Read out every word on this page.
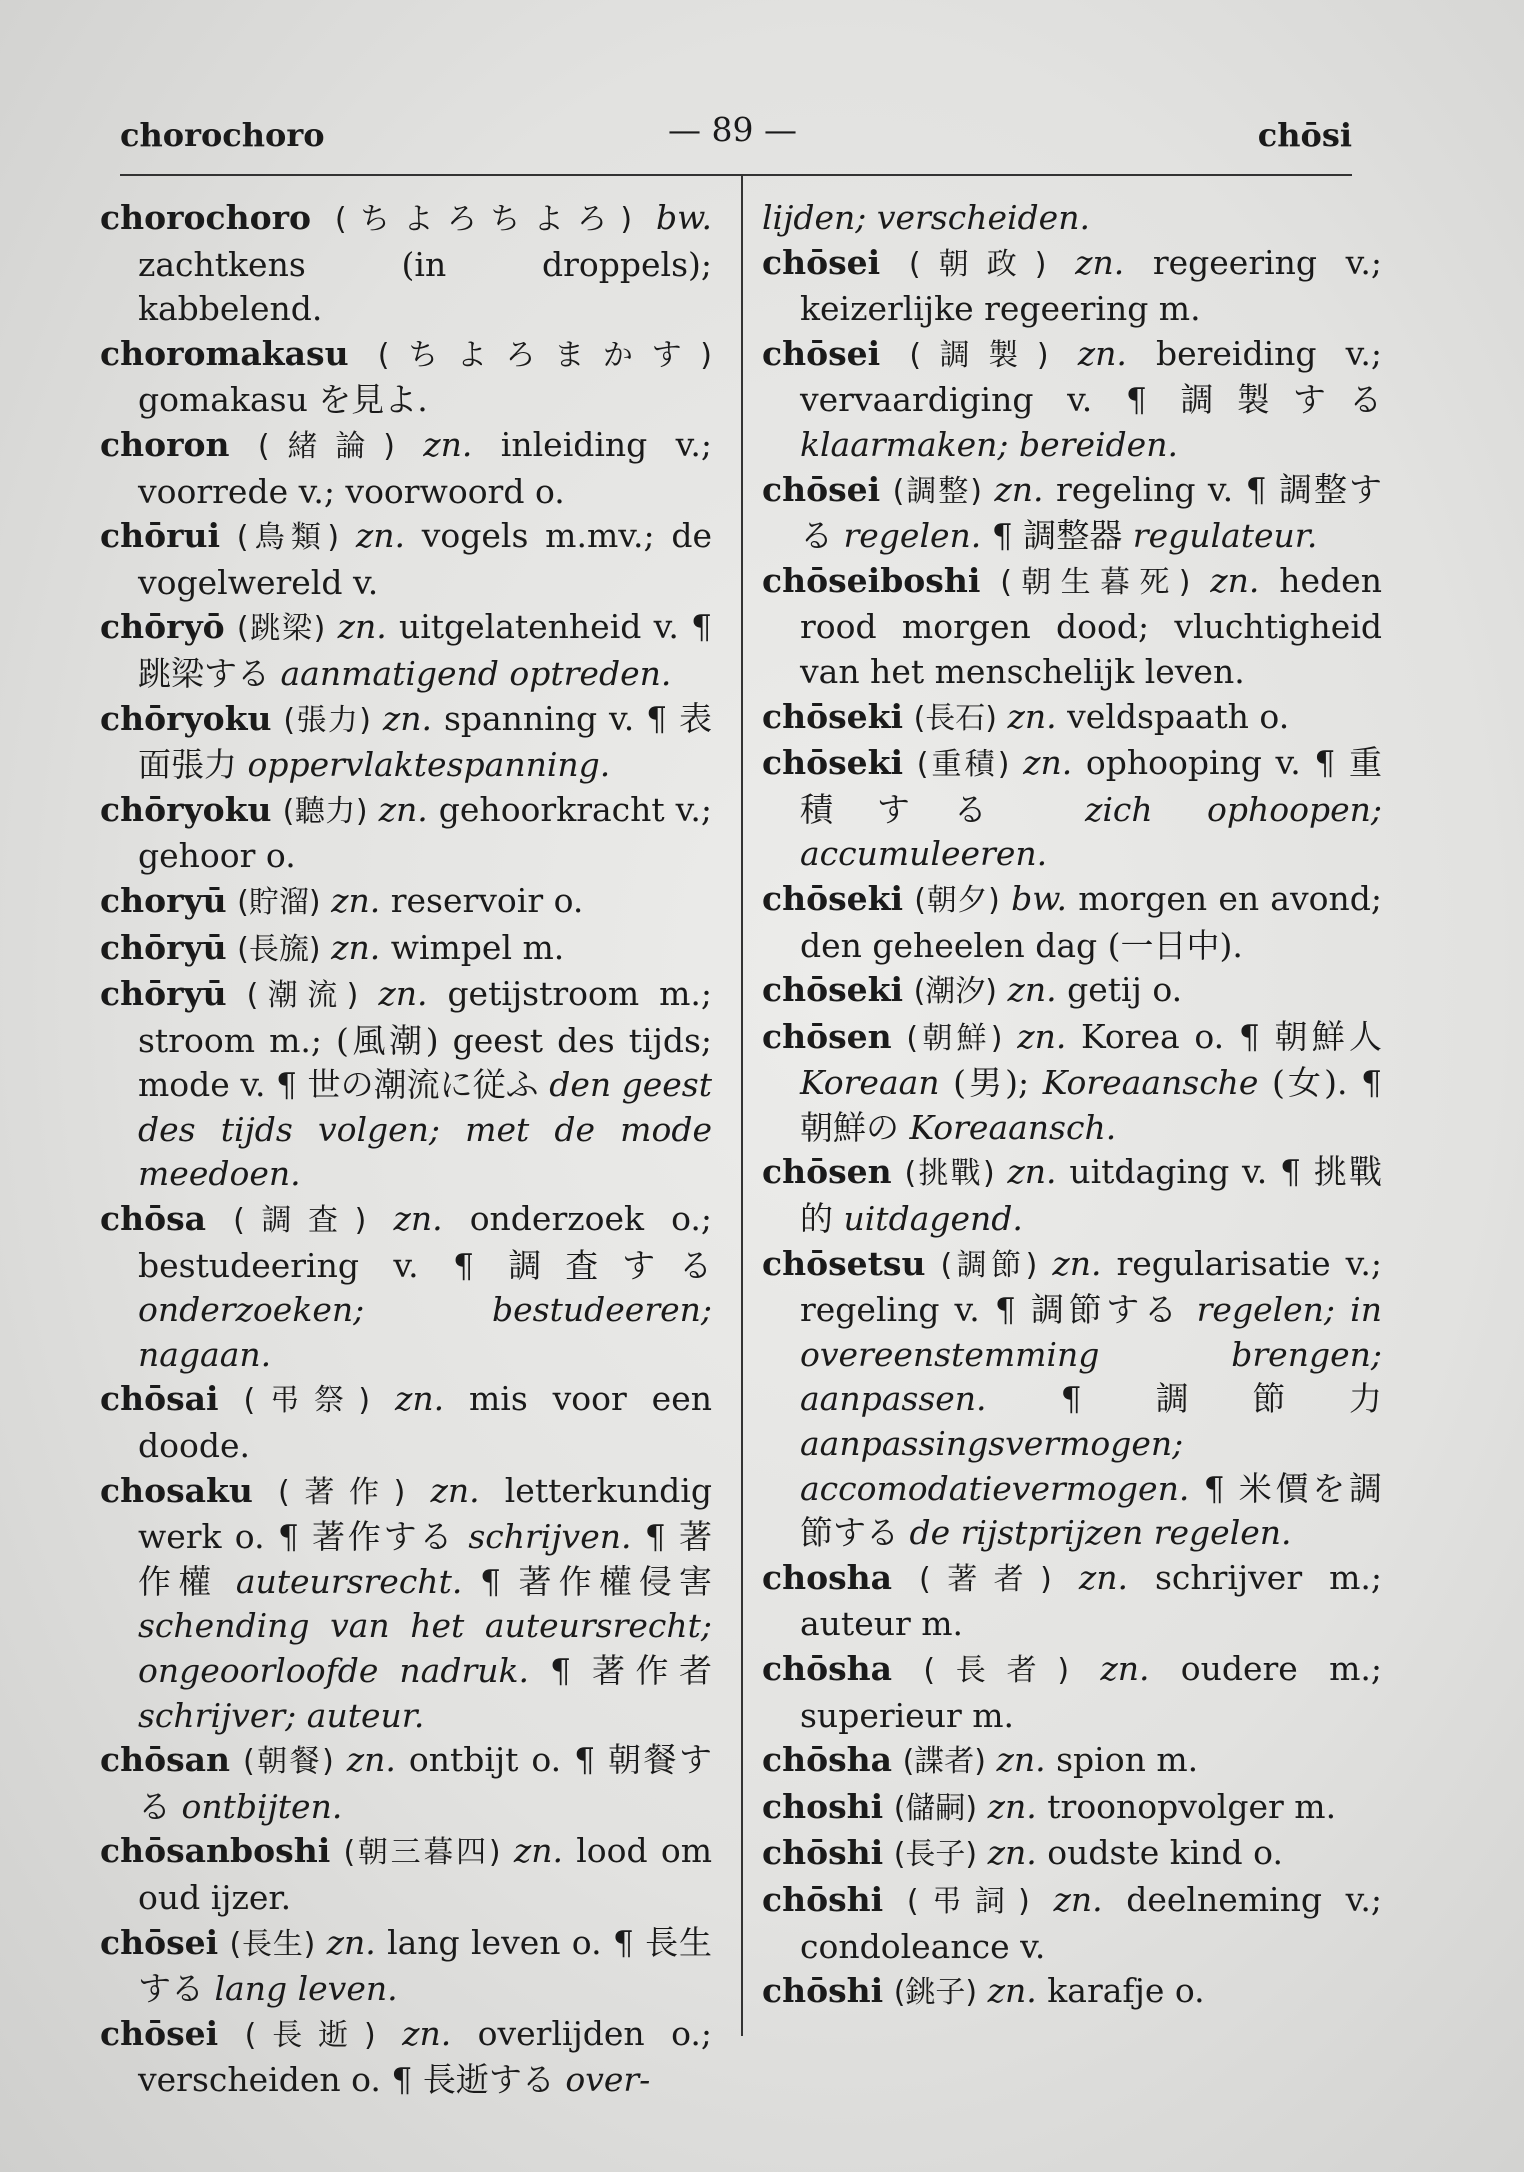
chorochoro	— 89 —	chōsi

chorochoro (ちよろちよろ) bw. zachtkens (in droppels); kabbelend.

choromakasu (ちよろまかす) gomakasu を見よ.

choron (緒論) zn. inleiding v.; voorrede v.; voorwoord o.

chōrui (鳥類) zn. vogels m.mv.; de vogelwereld v.

chōryō (跳梁) zn. uitgelatenheid v. ¶ 跳梁する aanmatigend optreden.

chōryoku (張力) zn. spanning v. ¶ 表面張力 oppervlaktespanning.

chōryoku (聽力) zn. gehoorkracht v.; gehoor o.

choryū (貯溜) zn. reservoir o.

chōryū (長旒) zn. wimpel m.

chōryū (潮流) zn. getijstroom m.; stroom m.; (風潮) geest des tijds; mode v. ¶ 世の潮流に従ふ den geest des tijds volgen; met de mode meedoen.

chōsa (調査) zn. onderzoek o.; bestudeering v. ¶ 調査する onderzoeken; bestudeeren; nagaan.

chōsai (弔祭) zn. mis voor een doode.

chosaku (著作) zn. letterkundig werk o. ¶ 著作する schrijven. ¶ 著作權 auteursrecht. ¶ 著作權侵害 schending van het auteursrecht; ongeoorloofde nadruk. ¶ 著作者 schrijver; auteur.

chōsan (朝餐) zn. ontbijt o. ¶ 朝餐する ontbijten.

chōsanboshi (朝三暮四) zn. lood om oud ijzer.

chōsei (長生) zn. lang leven o. ¶ 長生する lang leven.

chōsei (長逝) zn. overlijden o.; verscheiden o. ¶ 長逝する over-

lijden; verscheiden.

chōsei (朝政) zn. regeering v.; keizerlijke regeering m.

chōsei (調製) zn. bereiding v.; vervaardiging v. ¶ 調製する klaarmaken; bereiden.

chōsei (調整) zn. regeling v. ¶ 調整する regelen. ¶ 調整器 regulateur.

chōseiboshi (朝生暮死) zn. heden rood morgen dood; vluchtigheid van het menschelijk leven.

chōseki (長石) zn. veldspaath o.

chōseki (重積) zn. ophooping v. ¶ 重積する zich ophoopen; accumuleeren.

chōseki (朝夕) bw. morgen en avond; den geheelen dag (一日中).

chōseki (潮汐) zn. getij o.

chōsen (朝鮮) zn. Korea o. ¶ 朝鮮人 Koreaan (男); Koreaansche (女). ¶ 朝鮮の Koreaansch.

chōsen (挑戰) zn. uitdaging v. ¶ 挑戰的 uitdagend.

chōsetsu (調節) zn. regularisatie v.; regeling v. ¶ 調節する regelen; in overeenstemming brengen; aanpassen. ¶ 調節力 aanpassingsvermogen; accomodatievermogen. ¶ 米價を調節する de rijstprijzen regelen.

chosha (著者) zn. schrijver m.; auteur m.

chōsha (長者) zn. oudere m.; superieur m.

chōsha (諜者) zn. spion m.

choshi (儲嗣) zn. troonopvolger m.

chōshi (長子) zn. oudste kind o.

chōshi (弔詞) zn. deelneming v.; condoleance v.

chōshi (銚子) zn. karafje o.
